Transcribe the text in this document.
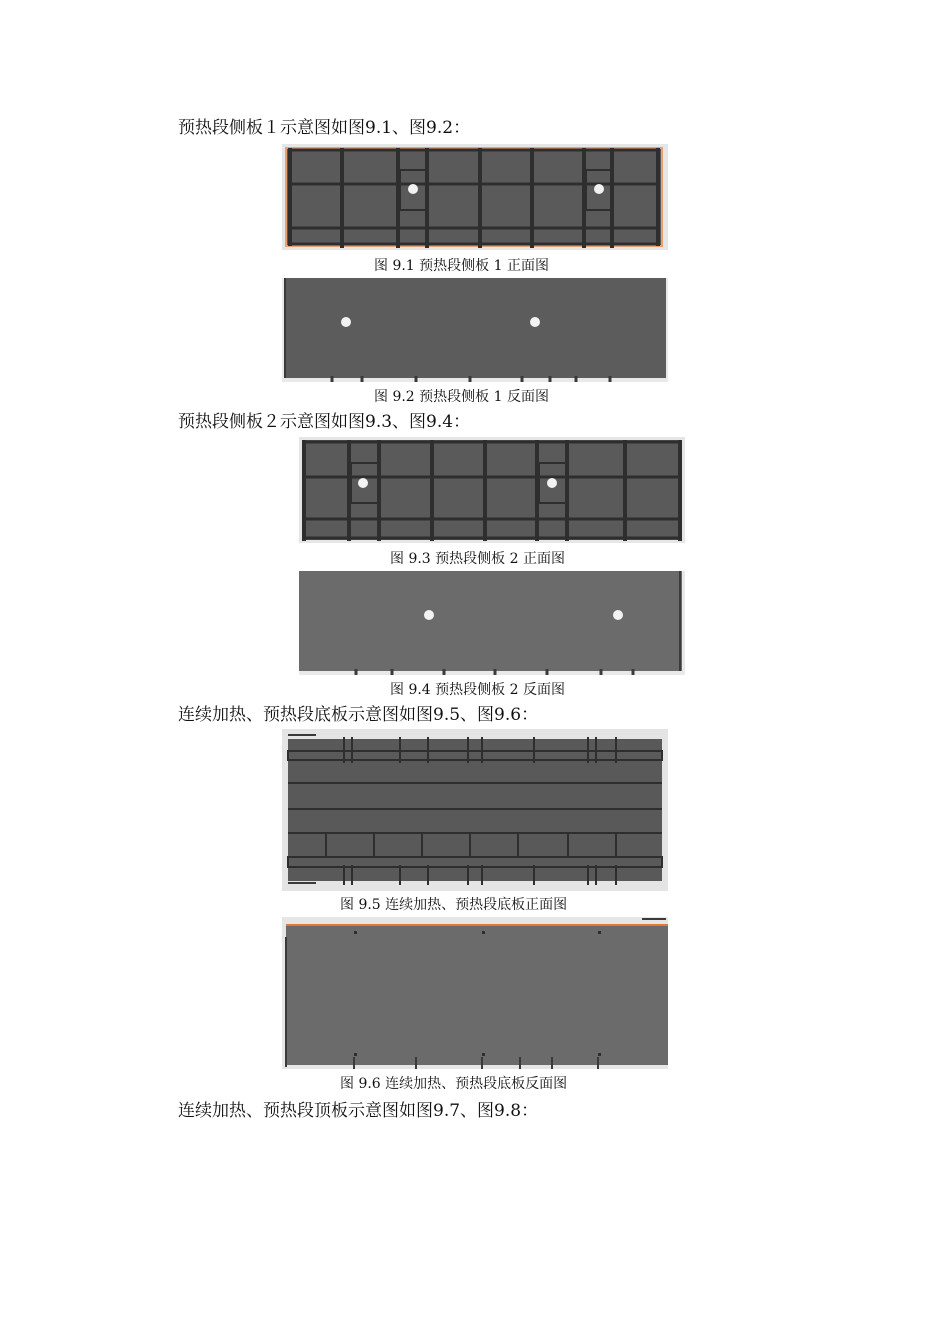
预热段侧板１示意图如图9.1、图9.2：
图 9.1 预热段侧板 1 正面图
图 9.2 预热段侧板 1 反面图
预热段侧板２示意图如图9.3、图9.4：
图 9.3 预热段侧板 2 正面图
图 9.4 预热段侧板 2 反面图
连续加热、预热段底板示意图如图9.5、图9.6：
图 9.5 连续加热、预热段底板正面图
图 9.6 连续加热、预热段底板反面图
连续加热、预热段顶板示意图如图9.7、图9.8：
